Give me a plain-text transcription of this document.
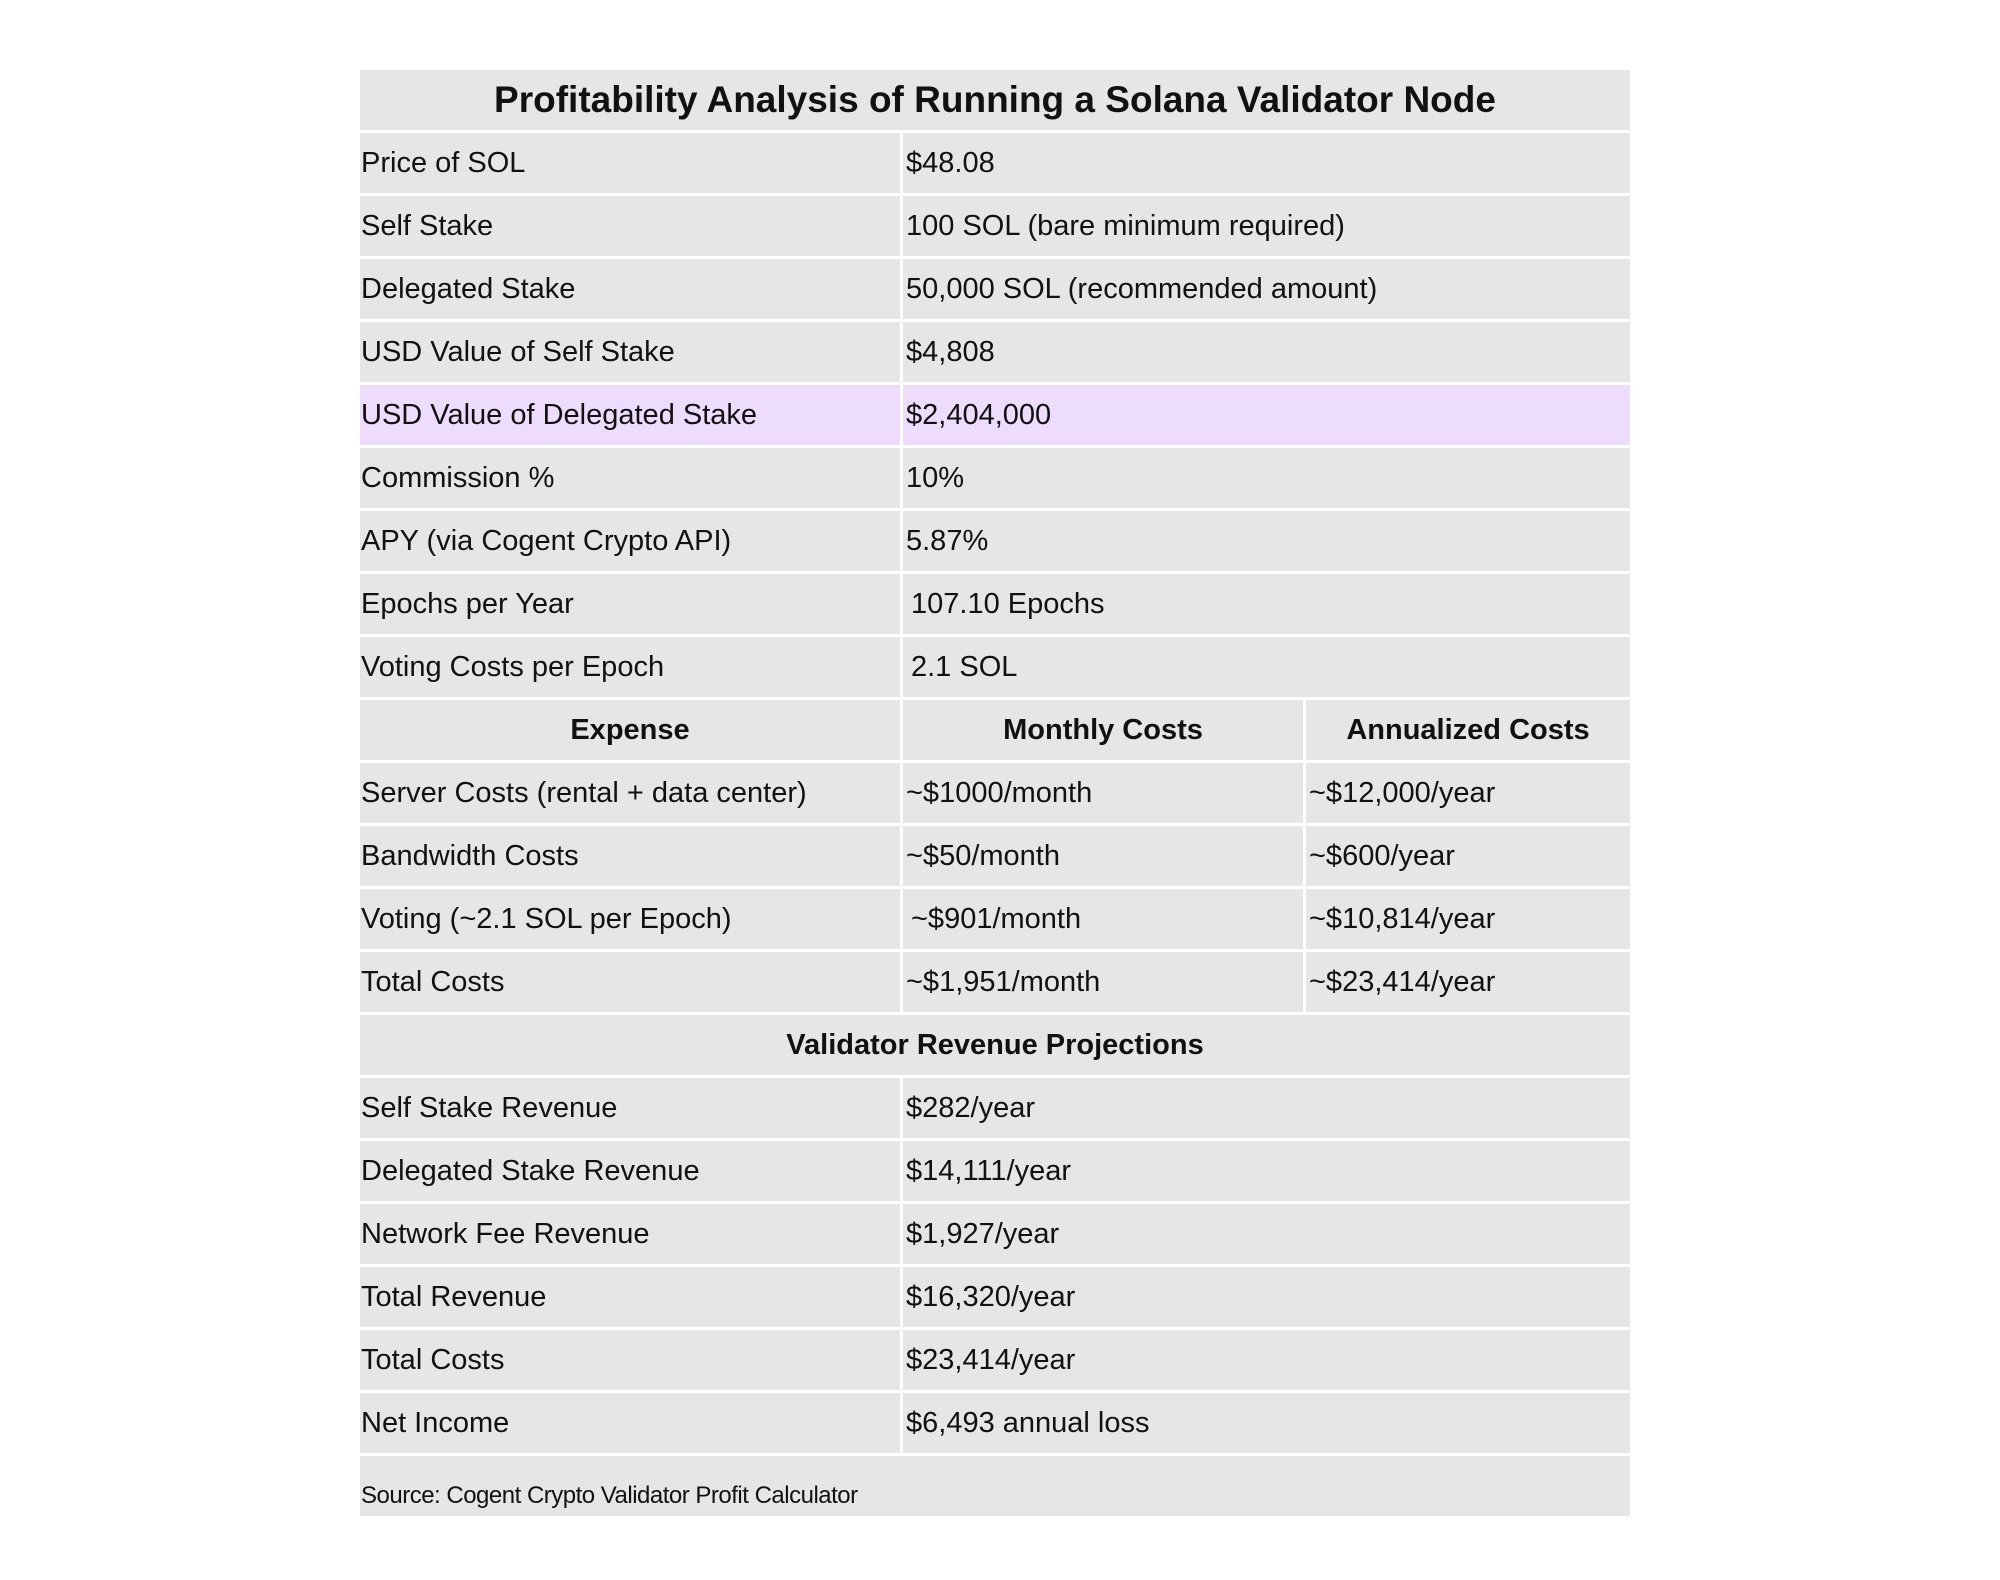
Profitability Analysis of Running a Solana Validator Node
Price of SOL	$48.08
Self Stake	100 SOL (bare minimum required)
Delegated Stake	50,000 SOL (recommended amount)
USD Value of Self Stake	$4,808
USD Value of Delegated Stake	$2,404,000
Commission %	10%
APY (via Cogent Crypto API)	5.87%
Epochs per Year	107.10 Epochs
Voting Costs per Epoch	2.1 SOL
Expense	Monthly Costs	Annualized Costs
Server Costs (rental + data center)	~$1000/month	~$12,000/year
Bandwidth Costs	~$50/month	~$600/year
Voting (~2.1 SOL per Epoch)	~$901/month	~$10,814/year
Total Costs	~$1,951/month	~$23,414/year
Validator Revenue Projections
Self Stake Revenue	$282/year
Delegated Stake Revenue	$14,111/year
Network Fee Revenue	$1,927/year
Total Revenue	$16,320/year
Total Costs	$23,414/year
Net Income	$6,493 annual loss
Source: Cogent Crypto Validator Profit Calculator
